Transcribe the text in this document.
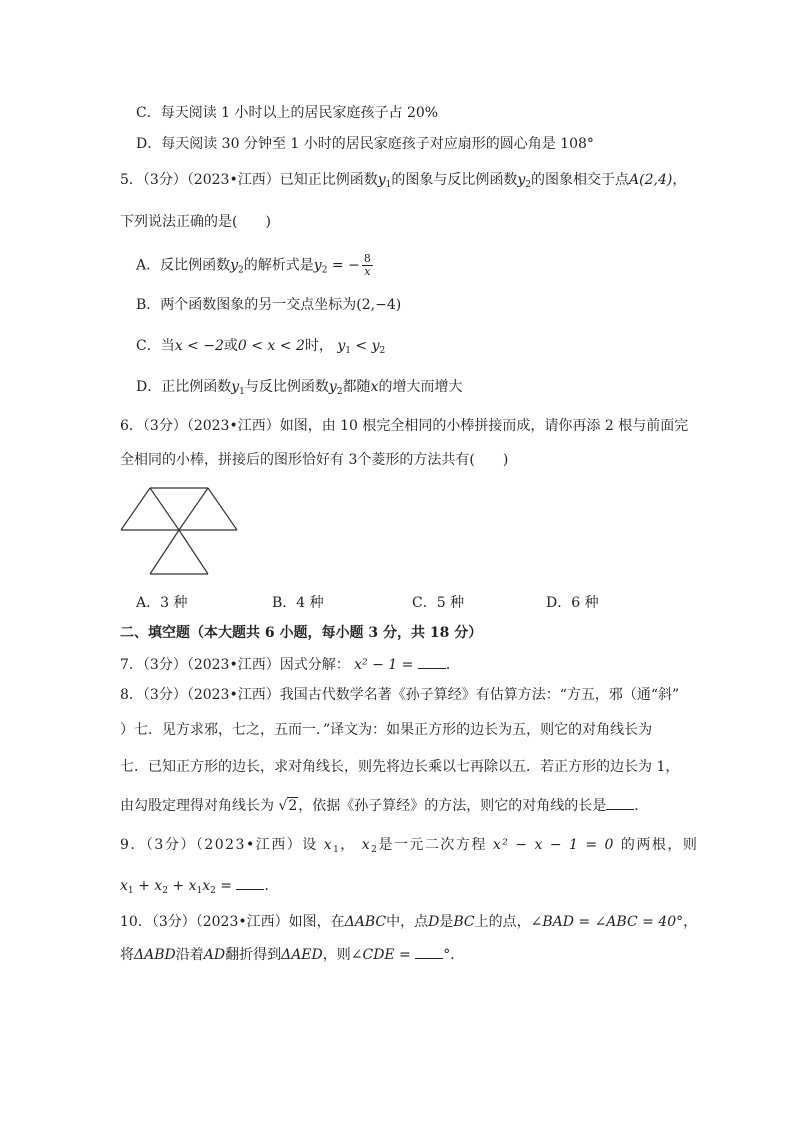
C．每天阅读 1 小时以上的居民家庭孩子占 20%
D．每天阅读 30 分钟至 1 小时的居民家庭孩子对应扇形的圆心角是 108°
5．（3分）（2023•江西）已知正比例函数$y_1$的图象与反比例函数$y_2$的图象相交于点A(2,4)，
下列说法正确的是(　　)
A．反比例函数$y_2$的解析式是$y_2$ = − $\frac{8}{x}$
B．两个函数图象的另一交点坐标为(2,−4)
C．当x < −2或0 < x < 2时， $y_1 < y_2$
D．正比例函数$y_1$与反比例函数$y_2$都随x的增大而增大
6．（3分）（2023•江西）如图，由 10 根完全相同的小棒拼接而成，请你再添 2 根与前面完
全相同的小棒，拼接后的图形恰好有 3个菱形的方法共有(　　)
A．3 种	B．4 种	C．5 种	D．6 种
二、填空题（本大题共 6 小题，每小题 3 分，共 18 分）
7．（3分）（2023•江西）因式分解： x² − 1 = ．
8．（3分）（2023•江西）我国古代数学名著《孙子算经》有估算方法：“方五，邪（通“斜”
）七．见方求邪，七之，五而一．”译文为：如果正方形的边长为五，则它的对角线长为
七．已知正方形的边长，求对角线长，则先将边长乘以七再除以五．若正方形的边长为 1，
由勾股定理得对角线长为 √2，依据《孙子算经》的方法，则它的对角线的长是 ．
9．（3分）（2023•江西）设 $x_1$， $x_2$是一元二次方程 x² − x − 1 = 0 的两根，则
$x_1 + x_2 + x_1x_2$ = ．
10．（3分）（2023•江西）如图，在ΔABC中，点D是BC上的点，∠BAD = ∠ABC = 40°，
将ΔABD沿着AD翻折得到ΔAED，则∠CDE = °．
